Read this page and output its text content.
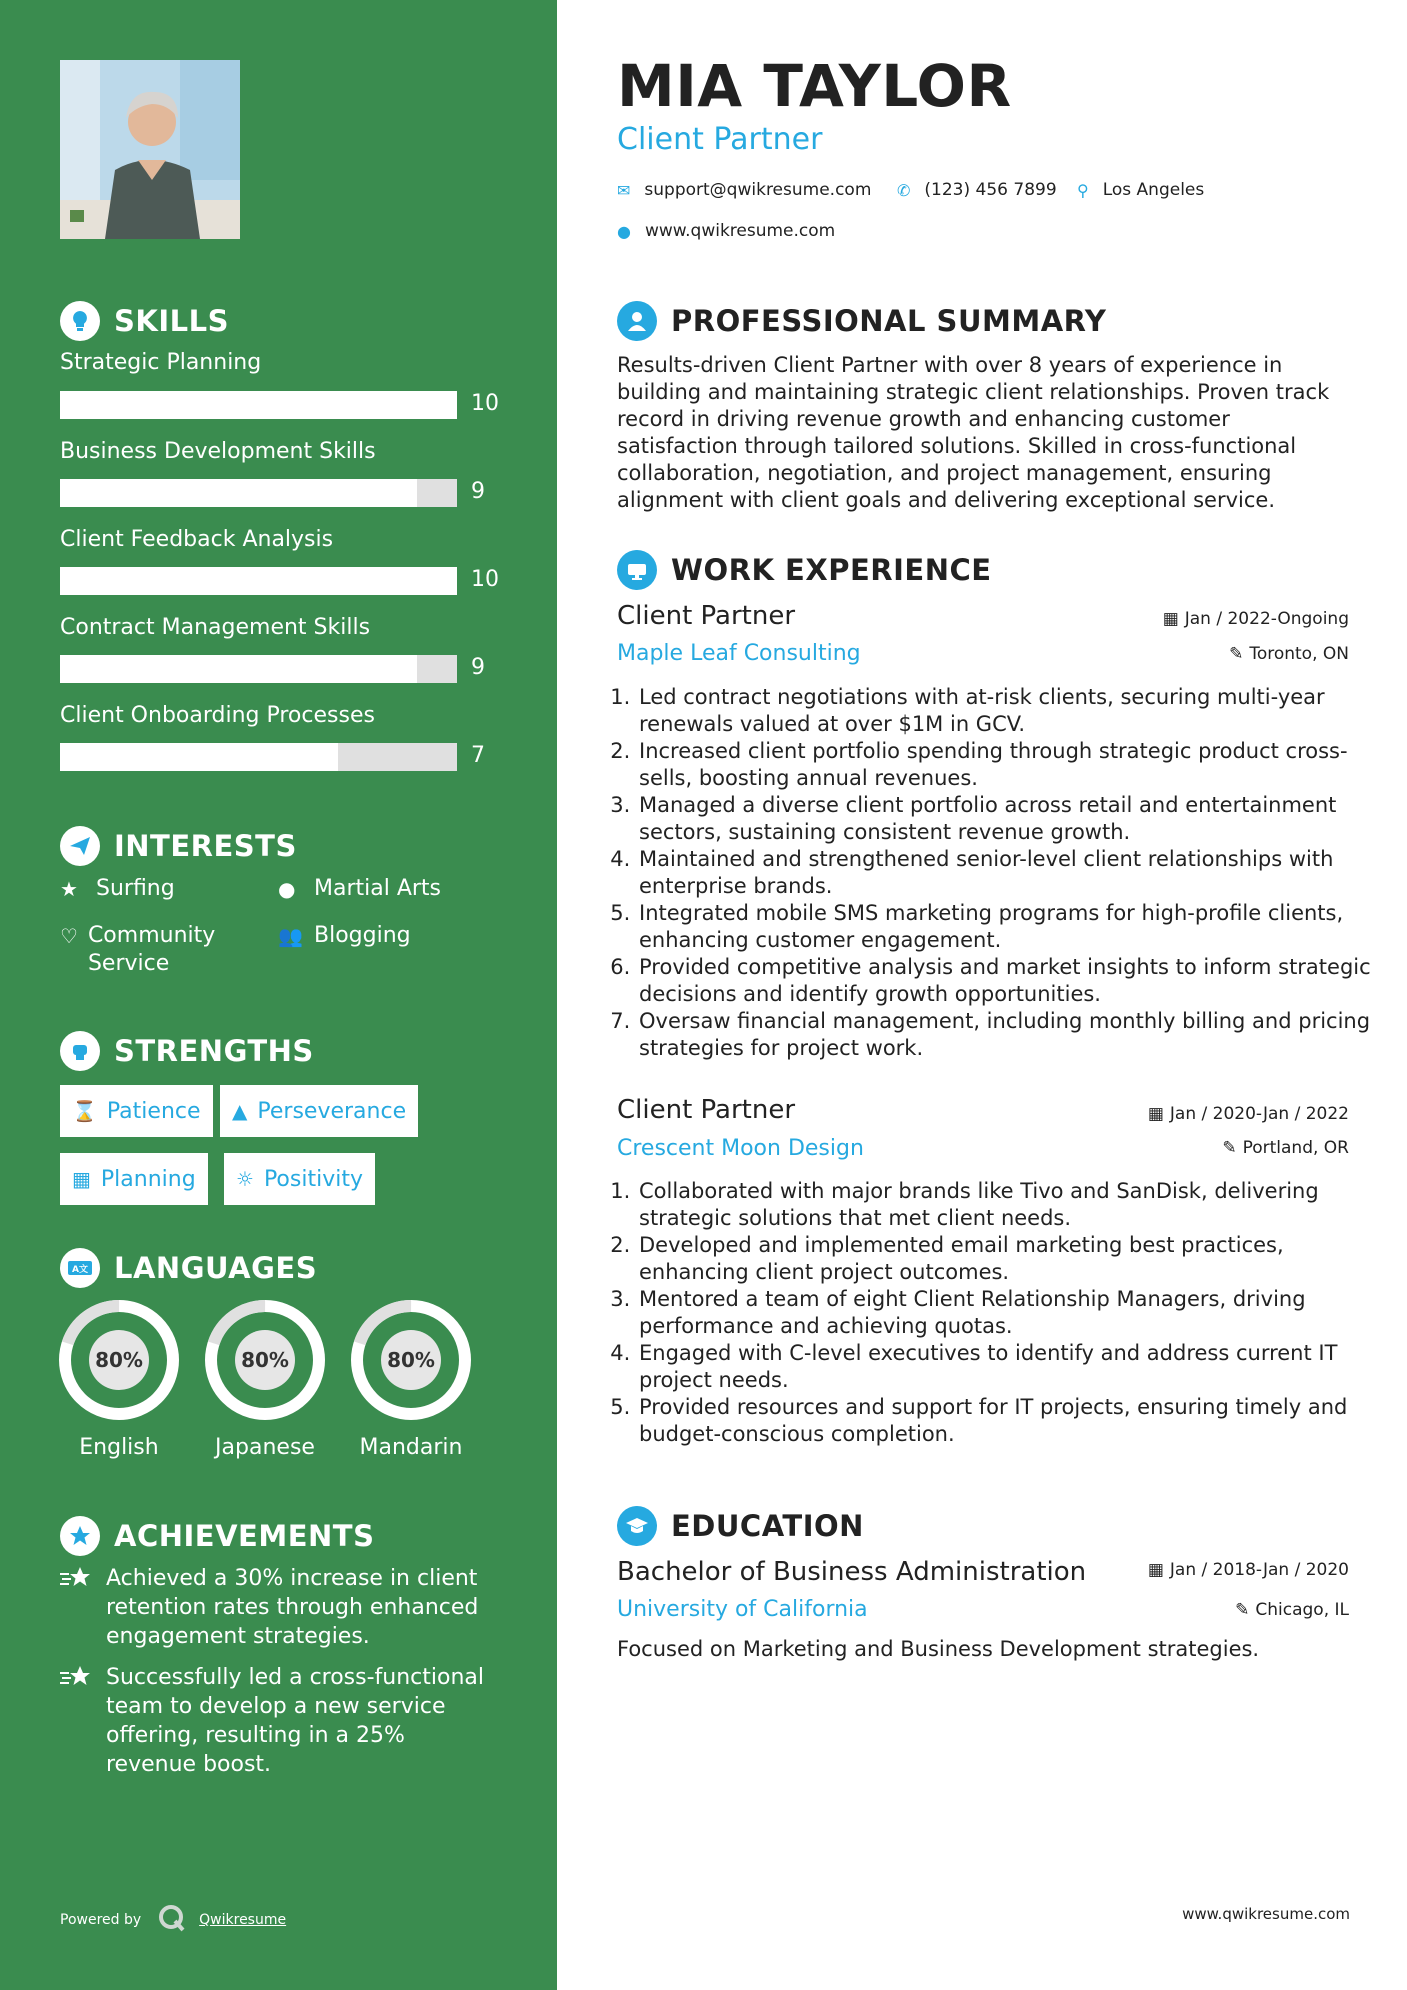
SKILLS
Strategic Planning
10
Business Development Skills
9
Client Feedback Analysis
10
Contract Management Skills
9
Client Onboarding Processes
7
INTERESTS
★ Surfing	● Martial Arts
♡ Community Service
👥 Blogging
STRENGTHS
⌛ Patience ▲ Perseverance
▦ Planning ☼ Positivity
A文 LANGUAGES
80%
English
80%
Japanese
80%
Mandarin
ACHIEVEMENTS
Achieved a 30% increase in client retention rates through enhanced engagement strategies.
Successfully led a cross-functional team to develop a new service offering, resulting in a 25% revenue boost.
Powered by	Qwikresume
MIA TAYLOR
Client Partner
✉ support@qwikresume.com ✆ (123) 456 7899 ⚲ Los Angeles
● www.qwikresume.com
PROFESSIONAL SUMMARY
Results-driven Client Partner with over 8 years of experience in building and maintaining strategic client relationships. Proven track record in driving revenue growth and enhancing customer satisfaction through tailored solutions. Skilled in cross-functional collaboration, negotiation, and project management, ensuring alignment with client goals and delivering exceptional service.
WORK EXPERIENCE
Client Partner	▦ Jan / 2022-Ongoing
Maple Leaf Consulting	✎ Toronto, ON
1. Led contract negotiations with at-risk clients, securing multi-year renewals valued at over $1M in GCV.
2. Increased client portfolio spending through strategic product cross-sells, boosting annual revenues.
3. Managed a diverse client portfolio across retail and entertainment sectors, sustaining consistent revenue growth.
4. Maintained and strengthened senior-level client relationships with enterprise brands.
5. Integrated mobile SMS marketing programs for high-profile clients, enhancing customer engagement.
6. Provided competitive analysis and market insights to inform strategic decisions and identify growth opportunities.
7. Oversaw financial management, including monthly billing and pricing strategies for project work.
Client Partner	▦ Jan / 2020-Jan / 2022
Crescent Moon Design	✎ Portland, OR
1. Collaborated with major brands like Tivo and SanDisk, delivering strategic solutions that met client needs.
2. Developed and implemented email marketing best practices, enhancing client project outcomes.
3. Mentored a team of eight Client Relationship Managers, driving performance and achieving quotas.
4. Engaged with C-level executives to identify and address current IT project needs.
5. Provided resources and support for IT projects, ensuring timely and budget-conscious completion.
EDUCATION
Bachelor of Business Administration	▦ Jan / 2018-Jan / 2020
University of California	✎ Chicago, IL
Focused on Marketing and Business Development strategies.
www.qwikresume.com
